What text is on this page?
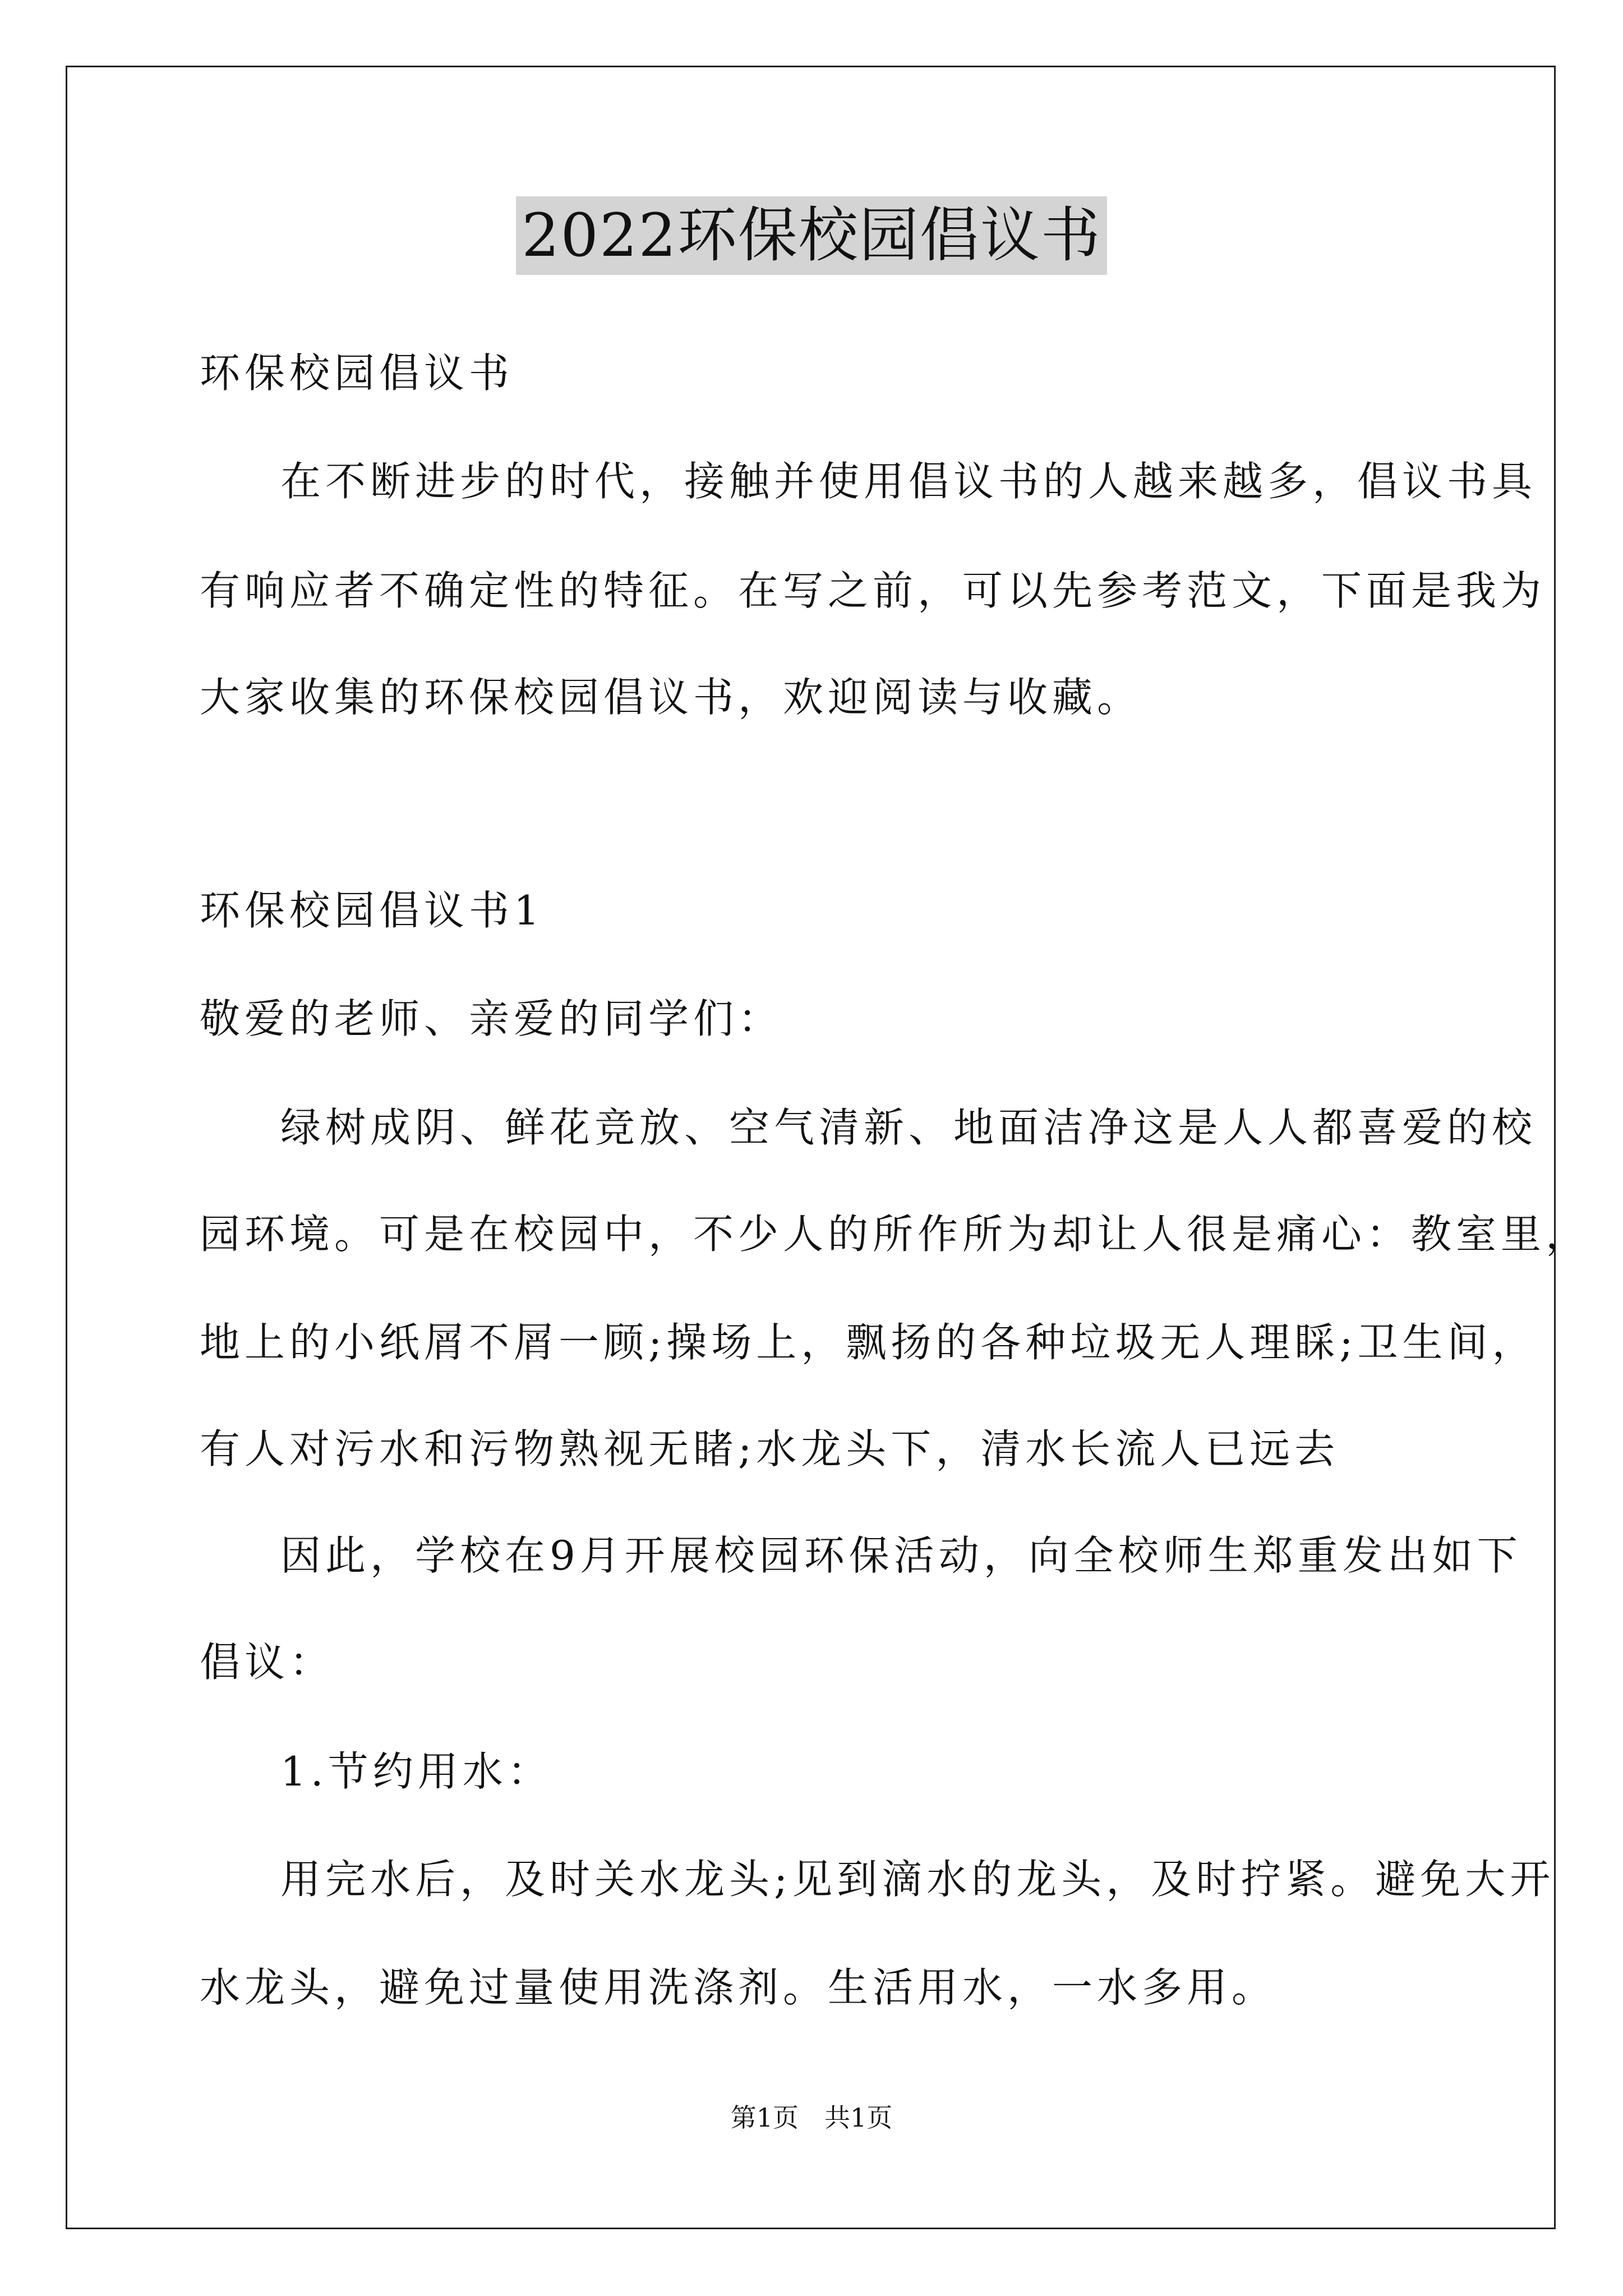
2022环保校园倡议书
环保校园倡议书
在不断进步的时代，接触并使用倡议书的人越来越多，倡议书具
有响应者不确定性的特征。在写之前，可以先参考范文，下面是我为
大家收集的环保校园倡议书，欢迎阅读与收藏。
环保校园倡议书1
敬爱的老师、亲爱的同学们：
绿树成阴、鲜花竞放、空气清新、地面洁净这是人人都喜爱的校
园环境。可是在校园中，不少人的所作所为却让人很是痛心：教室里，
地上的小纸屑不屑一顾;操场上，飘扬的各种垃圾无人理睬;卫生间，
有人对污水和污物熟视无睹;水龙头下，清水长流人已远去
因此，学校在9月开展校园环保活动，向全校师生郑重发出如下
倡议：
1.节约用水：
用完水后，及时关水龙头;见到滴水的龙头，及时拧紧。避免大开
水龙头，避免过量使用洗涤剂。生活用水，一水多用。
第1页　共1页
